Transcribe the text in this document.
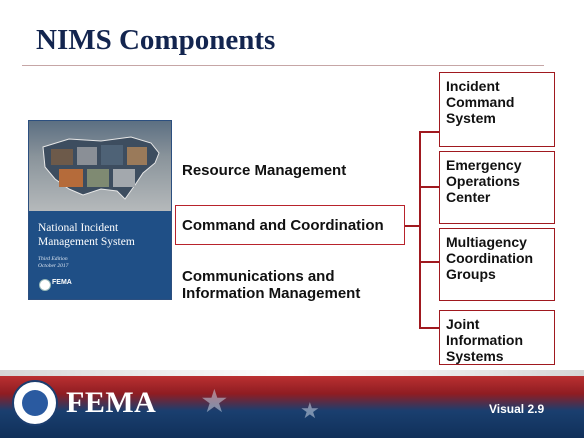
NIMS Components
National Incident Management System
Third Edition
October 2017
FEMA
Resource Management
Command and Coordination
Communications and Information Management
Incident Command System
Emergency Operations Center
Multiagency Coordination Groups
Joint Information Systems
★	★
FEMA	Visual 2.9
